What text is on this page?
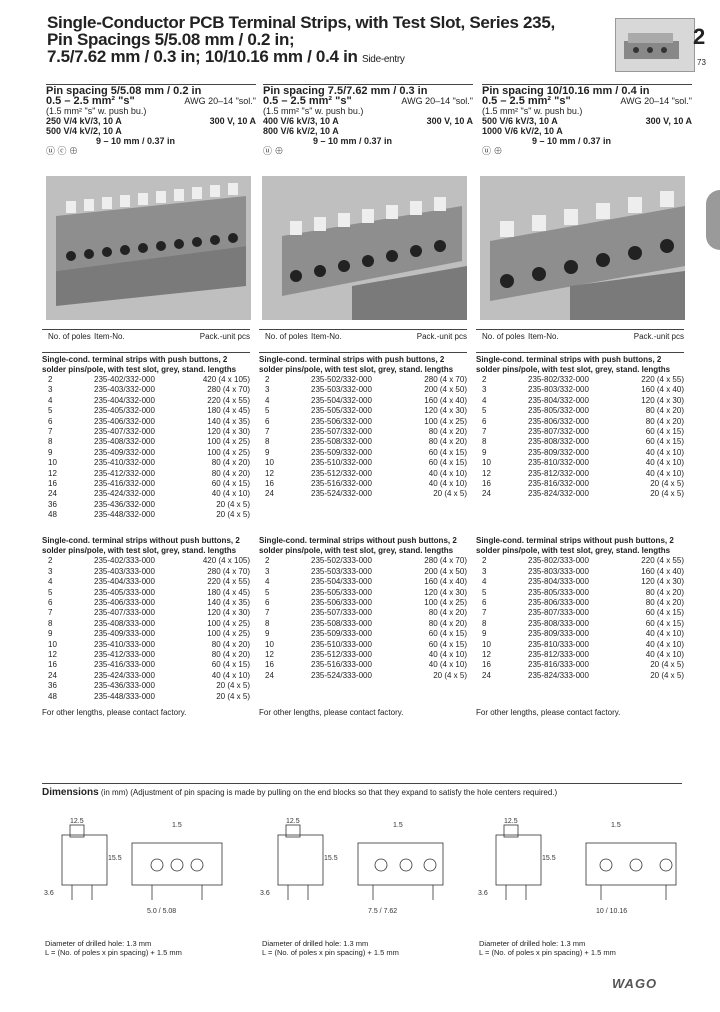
Single-Conductor PCB Terminal Strips, with Test Slot, Series 235,
Pin Spacings 5/5.08 mm / 0.2 in;
7.5/7.62 mm / 0.3 in; 10/10.16 mm / 0.4 in Side-entry
2
73
Pin spacing 5/5.08 mm / 0.2 in
0.5 – 2.5 mm² "s"	AWG 20–14 "sol."
(1.5 mm² "s" w. push bu.)
250 V/4 kV/3, 10 A	300 V, 10 A
500 V/4 kV/2, 10 A
9 – 10 mm / 0.37 in
ⓤ ⓒ ⊕
Pin spacing 7.5/7.62 mm / 0.3 in
0.5 – 2.5 mm² "s"	AWG 20–14 "sol."
(1.5 mm² "s" w. push bu.)
400 V/6 kV/3, 10 A	300 V, 10 A
800 V/6 kV/2, 10 A
9 – 10 mm / 0.37 in
ⓤ ⊕
Pin spacing 10/10.16 mm / 0.4 in
0.5 – 2.5 mm² "s"	AWG 20–14 "sol."
(1.5 mm² "s" w. push bu.)
500 V/6 kV/3, 10 A	300 V, 10 A
1000 V/6 kV/2, 10 A
9 – 10 mm / 0.37 in
ⓤ ⊕
No. of poles Item-No.	Pack.-unit pcs
Single-cond. terminal strips with push buttons, 2 solder pins/pole, with test slot, grey, stand. lengths
2	235-402/332-000	420 (4 x 105)
3	235-403/332-000	280 (4 x 70)
4	235-404/332-000	220 (4 x 55)
5	235-405/332-000	180 (4 x 45)
6	235-406/332-000	140 (4 x 35)
7	235-407/332-000	120 (4 x 30)
8	235-408/332-000	100 (4 x 25)
9	235-409/332-000	100 (4 x 25)
10	235-410/332-000	80 (4 x 20)
12	235-412/332-000	80 (4 x 20)
16	235-416/332-000	60 (4 x 15)
24	235-424/332-000	40 (4 x 10)
36	235-436/332-000	20 (4 x 5)
48	235-448/332-000	20 (4 x 5)
Single-cond. terminal strips without push buttons, 2 solder pins/pole, with test slot, grey, stand. lengths
2	235-402/333-000	420 (4 x 105)
3	235-403/333-000	280 (4 x 70)
4	235-404/333-000	220 (4 x 55)
5	235-405/333-000	180 (4 x 45)
6	235-406/333-000	140 (4 x 35)
7	235-407/333-000	120 (4 x 30)
8	235-408/333-000	100 (4 x 25)
9	235-409/333-000	100 (4 x 25)
10	235-410/333-000	80 (4 x 20)
12	235-412/333-000	80 (4 x 20)
16	235-416/333-000	60 (4 x 15)
24	235-424/333-000	40 (4 x 10)
36	235-436/333-000	20 (4 x 5)
48	235-448/333-000	20 (4 x 5)
For other lengths, please contact factory.
No. of poles Item-No.	Pack.-unit pcs
Single-cond. terminal strips with push buttons, 2 solder pins/pole, with test slot, grey, stand. lengths
2	235-502/332-000	280 (4 x 70)
3	235-503/332-000	200 (4 x 50)
4	235-504/332-000	160 (4 x 40)
5	235-505/332-000	120 (4 x 30)
6	235-506/332-000	100 (4 x 25)
7	235-507/332-000	80 (4 x 20)
8	235-508/332-000	80 (4 x 20)
9	235-509/332-000	60 (4 x 15)
10	235-510/332-000	60 (4 x 15)
12	235-512/332-000	40 (4 x 10)
16	235-516/332-000	40 (4 x 10)
24	235-524/332-000	20 (4 x 5)
Single-cond. terminal strips without push buttons, 2 solder pins/pole, with test slot, grey, stand. lengths
2	235-502/333-000	280 (4 x 70)
3	235-503/333-000	200 (4 x 50)
4	235-504/333-000	160 (4 x 40)
5	235-505/333-000	120 (4 x 30)
6	235-506/333-000	100 (4 x 25)
7	235-507/333-000	80 (4 x 20)
8	235-508/333-000	80 (4 x 20)
9	235-509/333-000	60 (4 x 15)
10	235-510/333-000	60 (4 x 15)
12	235-512/333-000	40 (4 x 10)
16	235-516/333-000	40 (4 x 10)
24	235-524/333-000	20 (4 x 5)
For other lengths, please contact factory.
No. of poles Item-No.	Pack.-unit pcs
Single-cond. terminal strips with push buttons, 2 solder pins/pole, with test slot, grey, stand. lengths
2	235-802/332-000	220 (4 x 55)
3	235-803/332-000	160 (4 x 40)
4	235-804/332-000	120 (4 x 30)
5	235-805/332-000	80 (4 x 20)
6	235-806/332-000	80 (4 x 20)
7	235-807/332-000	60 (4 x 15)
8	235-808/332-000	60 (4 x 15)
9	235-809/332-000	40 (4 x 10)
10	235-810/332-000	40 (4 x 10)
12	235-812/332-000	40 (4 x 10)
16	235-816/332-000	20 (4 x 5)
24	235-824/332-000	20 (4 x 5)
Single-cond. terminal strips without push buttons, 2 solder pins/pole, with test slot, grey, stand. lengths
2	235-802/333-000	220 (4 x 55)
3	235-803/333-000	160 (4 x 40)
4	235-804/333-000	120 (4 x 30)
5	235-805/333-000	80 (4 x 20)
6	235-806/333-000	80 (4 x 20)
7	235-807/333-000	60 (4 x 15)
8	235-808/333-000	60 (4 x 15)
9	235-809/333-000	40 (4 x 10)
10	235-810/333-000	40 (4 x 10)
12	235-812/333-000	40 (4 x 10)
16	235-816/333-000	20 (4 x 5)
24	235-824/333-000	20 (4 x 5)
For other lengths, please contact factory.
Dimensions (in mm) (Adjustment of pin spacing is made by pulling on the end blocks so that they expand to satisfy the hole centers required.)
12.5
1.5
15.5
3.6
5.0 / 5.08
12.5
1.5
15.5
3.6
7.5 / 7.62
12.5
1.5
15.5
3.6
10 / 10.16
Diameter of drilled hole: 1.3 mm
L = (No. of poles x pin spacing) + 1.5 mm
Diameter of drilled hole: 1.3 mm
L = (No. of poles x pin spacing) + 1.5 mm
Diameter of drilled hole: 1.3 mm
L = (No. of poles x pin spacing) + 1.5 mm
WAGO
